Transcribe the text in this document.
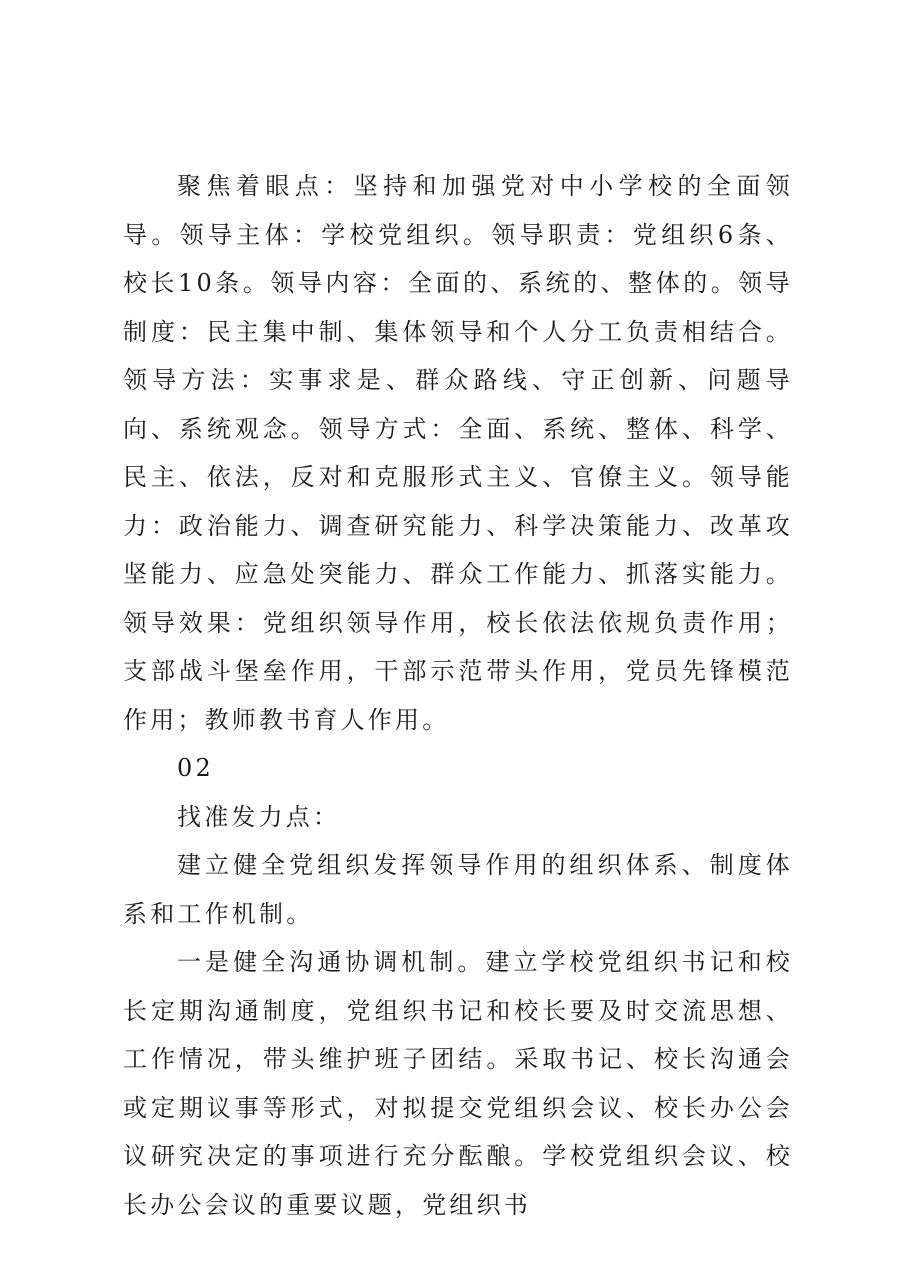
聚焦着眼点：坚持和加强党对中小学校的全面领导。领导主体：学校党组织。领导职责：党组织6条、校长10条。领导内容：全面的、系统的、整体的。领导制度：民主集中制、集体领导和个人分工负责相结合。领导方法：实事求是、群众路线、守正创新、问题导向、系统观念。领导方式：全面、系统、整体、科学、民主、依法，反对和克服形式主义、官僚主义。领导能力：政治能力、调查研究能力、科学决策能力、改革攻坚能力、应急处突能力、群众工作能力、抓落实能力。领导效果：党组织领导作用，校长依法依规负责作用；支部战斗堡垒作用，干部示范带头作用，党员先锋模范作用；教师教书育人作用。

02

找准发力点：

建立健全党组织发挥领导作用的组织体系、制度体系和工作机制。

一是健全沟通协调机制。建立学校党组织书记和校长定期沟通制度，党组织书记和校长要及时交流思想、工作情况，带头维护班子团结。采取书记、校长沟通会或定期议事等形式，对拟提交党组织会议、校长办公会议研究决定的事项进行充分酝酿。学校党组织会议、校长办公会议的重要议题，党组织书
